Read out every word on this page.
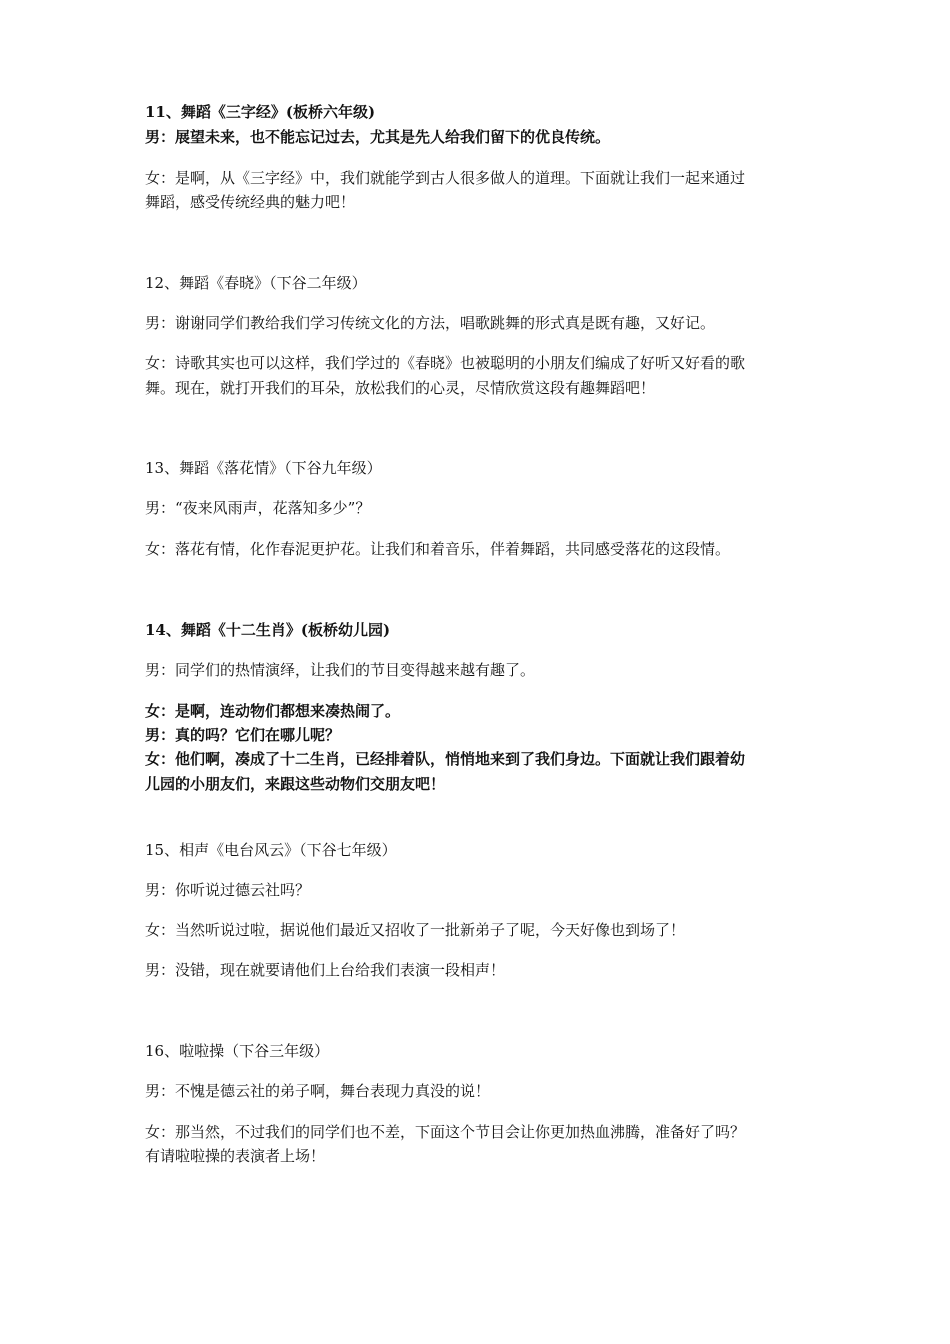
11、舞蹈《三字经》(板桥六年级)
男：展望未来，也不能忘记过去，尤其是先人给我们留下的优良传统。
女：是啊，从《三字经》中，我们就能学到古人很多做人的道理。下面就让我们一起来通过
舞蹈，感受传统经典的魅力吧！
12、舞蹈《春晓》（下谷二年级）
男：谢谢同学们教给我们学习传统文化的方法，唱歌跳舞的形式真是既有趣，又好记。
女：诗歌其实也可以这样，我们学过的《春晓》也被聪明的小朋友们编成了好听又好看的歌
舞。现在，就打开我们的耳朵，放松我们的心灵，尽情欣赏这段有趣舞蹈吧！
13、舞蹈《落花情》（下谷九年级）
男：“夜来风雨声，花落知多少”？
女：落花有情，化作春泥更护花。让我们和着音乐，伴着舞蹈，共同感受落花的这段情。
14、舞蹈《十二生肖》(板桥幼儿园)
男：同学们的热情演绎，让我们的节目变得越来越有趣了。
女：是啊，连动物们都想来凑热闹了。
男：真的吗？它们在哪儿呢？
女：他们啊，凑成了十二生肖，已经排着队，悄悄地来到了我们身边。下面就让我们跟着幼
儿园的小朋友们，来跟这些动物们交朋友吧！
15、相声《电台风云》（下谷七年级）
男：你听说过德云社吗？
女：当然听说过啦，据说他们最近又招收了一批新弟子了呢，今天好像也到场了！
男：没错，现在就要请他们上台给我们表演一段相声！
16、啦啦操（下谷三年级）
男：不愧是德云社的弟子啊，舞台表现力真没的说！
女：那当然，不过我们的同学们也不差，下面这个节目会让你更加热血沸腾，准备好了吗？
有请啦啦操的表演者上场！
